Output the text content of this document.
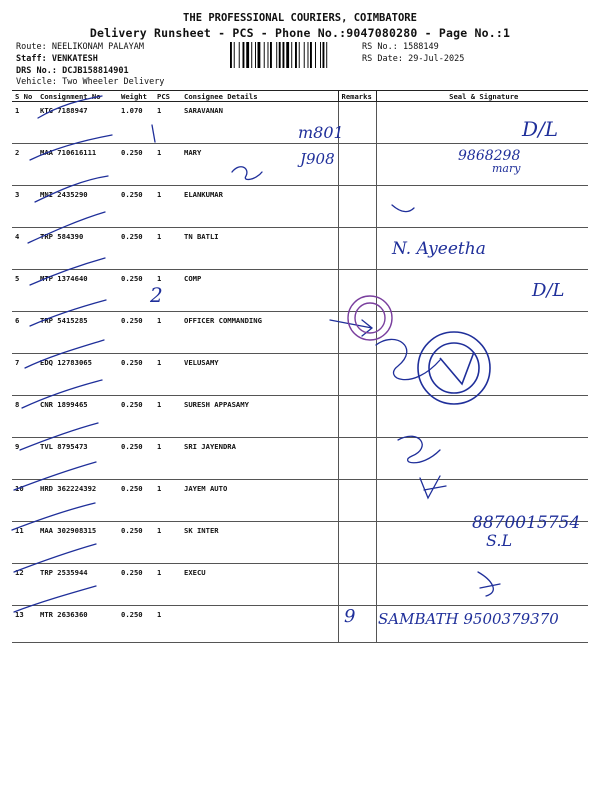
THE PROFESSIONAL COURIERS, COIMBATORE
Delivery Runsheet - PCS - Phone No.:9047080280 - Page No.:1
Route: NEELIKONAM PALAYAM
Staff: VENKATESH
DRS No.: DCJB158814901
Vehicle: Two Wheeler Delivery
RS No.: 1588149
RS Date: 29-Jul-2025
S No	Consignment No	Weight	PCS	Consignee Details	Remarks	Seal & Signature
1	KTG 7188947	1.070	1	SARAVANAN		
2	MAA 710616111	0.250	1	MARY		
3	MNI 2435290	0.250	1	ELANKUMAR		
4	TRP 584390	0.250	1	TN BATLI		
5	MTP 1374640	0.250	1	COMP		
6	TRP 5415285	0.250	1	OFFICER COMMANDING		
7	EDQ 12783065	0.250	1	VELUSAMY		
8	CNR 1899465	0.250	1	SURESH APPASAMY		
9	TVL 8795473	0.250	1	SRI JAYENDRA		
10	HRD 362224392	0.250	1	JAYEM AUTO		
11	MAA 302908315	0.250	1	SK INTER		
12	TRP 2535944	0.250	1	EXECU		
13	MTR 2636360	0.250	1			
m801	D/L
J908	9868298
mary
N. Ayeetha
D/L
2
8870015754
S.L
SAMBATH 9500379370
9
